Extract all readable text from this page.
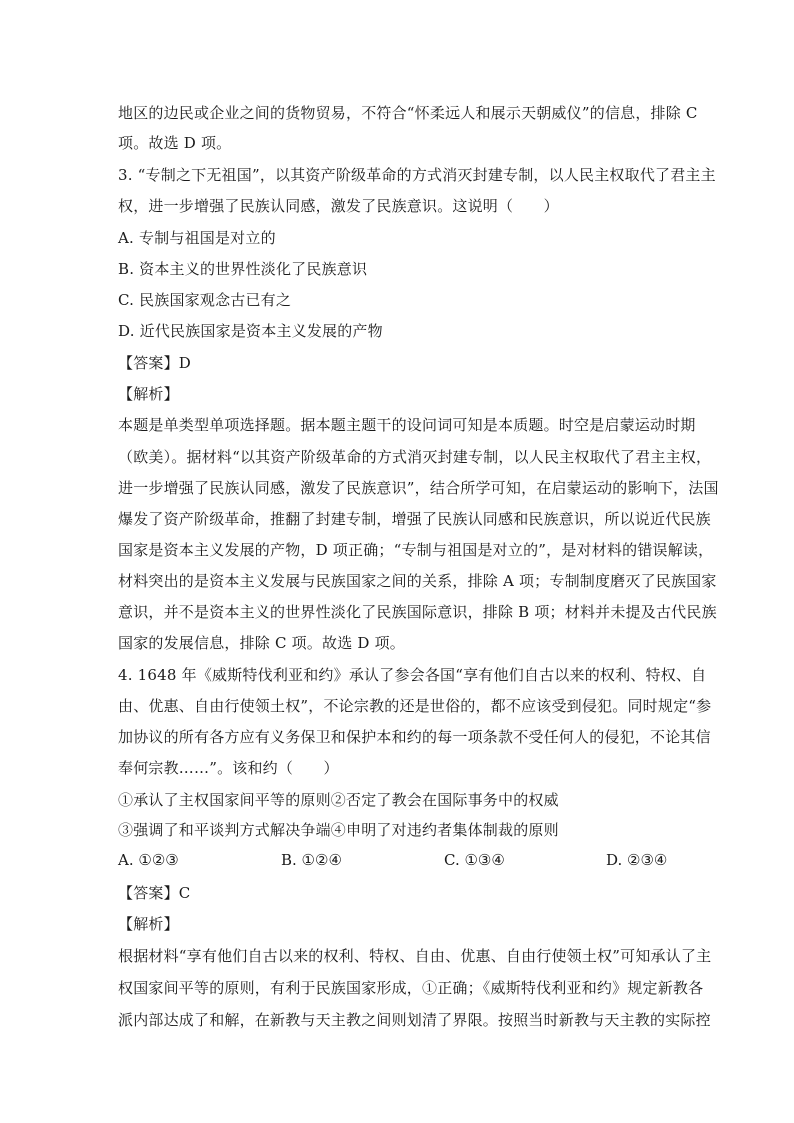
地区的边民或企业之间的货物贸易，不符合“怀柔远人和展示天朝威仪”的信息，排除 C
项。故选 D 项。
3. “专制之下无祖国”，以其资产阶级革命的方式消灭封建专制，以人民主权取代了君主主
权，进一步增强了民族认同感，激发了民族意识。这说明（　　）
A. 专制与祖国是对立的
B. 资本主义的世界性淡化了民族意识
C. 民族国家观念古已有之
D. 近代民族国家是资本主义发展的产物
【答案】D
【解析】
本题是单类型单项选择题。据本题主题干的设问词可知是本质题。时空是启蒙运动时期
（欧美）。据材料“以其资产阶级革命的方式消灭封建专制，以人民主权取代了君主主权，
进一步增强了民族认同感，激发了民族意识”，结合所学可知，在启蒙运动的影响下，法国
爆发了资产阶级革命，推翻了封建专制，增强了民族认同感和民族意识，所以说近代民族
国家是资本主义发展的产物，D 项正确；“专制与祖国是对立的”，是对材料的错误解读，
材料突出的是资本主义发展与民族国家之间的关系，排除 A 项；专制制度磨灭了民族国家
意识，并不是资本主义的世界性淡化了民族国际意识，排除 B 项；材料并未提及古代民族
国家的发展信息，排除 C 项。故选 D 项。
4. 1648 年《威斯特伐利亚和约》承认了参会各国“享有他们自古以来的权利、特权、自
由、优惠、自由行使领土权”，不论宗教的还是世俗的，都不应该受到侵犯。同时规定“参
加协议的所有各方应有义务保卫和保护本和约的每一项条款不受任何人的侵犯，不论其信
奉何宗教……”。该和约（　　）
①承认了主权国家间平等的原则②否定了教会在国际事务中的权威
③强调了和平谈判方式解决争端④申明了对违约者集体制裁的原则
A. ①②③	B. ①②④	C. ①③④	D. ②③④
【答案】C
【解析】
根据材料“享有他们自古以来的权利、特权、自由、优惠、自由行使领土权”可知承认了主
权国家间平等的原则，有利于民族国家形成，①正确；《威斯特伐利亚和约》规定新教各
派内部达成了和解，在新教与天主教之间则划清了界限。按照当时新教与天主教的实际控
